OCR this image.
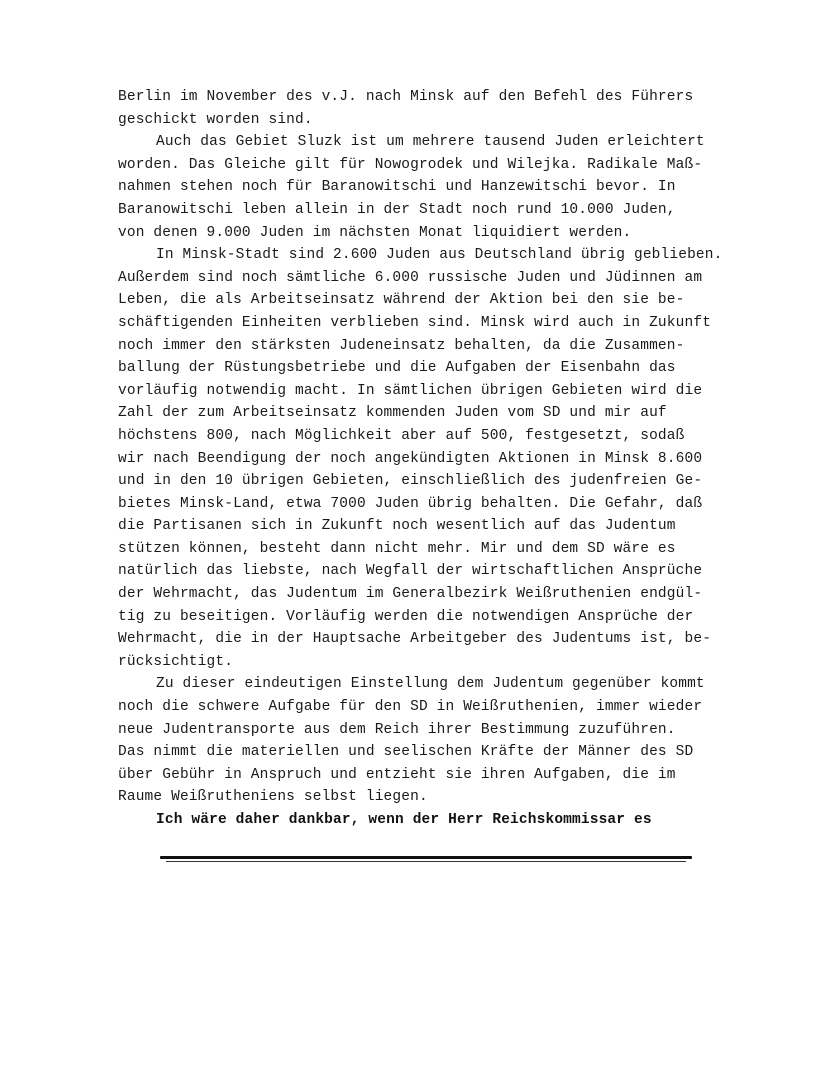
Berlin im November des v.J. nach Minsk auf den Befehl des Führers
geschickt worden sind.
Auch das Gebiet Sluzk ist um mehrere tausend Juden erleichtert
worden. Das Gleiche gilt für Nowogrodek und Wilejka. Radikale Maß-
nahmen stehen noch für Baranowitschi und Hanzewitschi bevor. In
Baranowitschi leben allein in der Stadt noch rund 10.000 Juden,
von denen 9.000 Juden im nächsten Monat liquidiert werden.
In Minsk-Stadt sind 2.600 Juden aus Deutschland übrig geblieben.
Außerdem sind noch sämtliche 6.000 russische Juden und Jüdinnen am
Leben, die als Arbeitseinsatz während der Aktion bei den sie be-
schäftigenden Einheiten verblieben sind. Minsk wird auch in Zukunft
noch immer den stärksten Judeneinsatz behalten, da die Zusammen-
ballung der Rüstungsbetriebe und die Aufgaben der Eisenbahn das
vorläufig notwendig macht. In sämtlichen übrigen Gebieten wird die
Zahl der zum Arbeitseinsatz kommenden Juden vom SD und mir auf
höchstens 800, nach Möglichkeit aber auf 500, festgesetzt, sodaß
wir nach Beendigung der noch angekündigten Aktionen in Minsk 8.600
und in den 10 übrigen Gebieten, einschließlich des judenfreien Ge-
bietes Minsk-Land, etwa 7000 Juden übrig behalten. Die Gefahr, daß
die Partisanen sich in Zukunft noch wesentlich auf das Judentum
stützen können, besteht dann nicht mehr. Mir und dem SD wäre es
natürlich das liebste, nach Wegfall der wirtschaftlichen Ansprüche
der Wehrmacht, das Judentum im Generalbezirk Weißruthenien endgül-
tig zu beseitigen. Vorläufig werden die notwendigen Ansprüche der
Wehrmacht, die in der Hauptsache Arbeitgeber des Judentums ist, be-
rücksichtigt.
Zu dieser eindeutigen Einstellung dem Judentum gegenüber kommt
noch die schwere Aufgabe für den SD in Weißruthenien, immer wieder
neue Judentransporte aus dem Reich ihrer Bestimmung zuzuführen.
Das nimmt die materiellen und seelischen Kräfte der Männer des SD
über Gebühr in Anspruch und entzieht sie ihren Aufgaben, die im
Raume Weißrutheniens selbst liegen.
Ich wäre daher dankbar, wenn der Herr Reichskommissar es
